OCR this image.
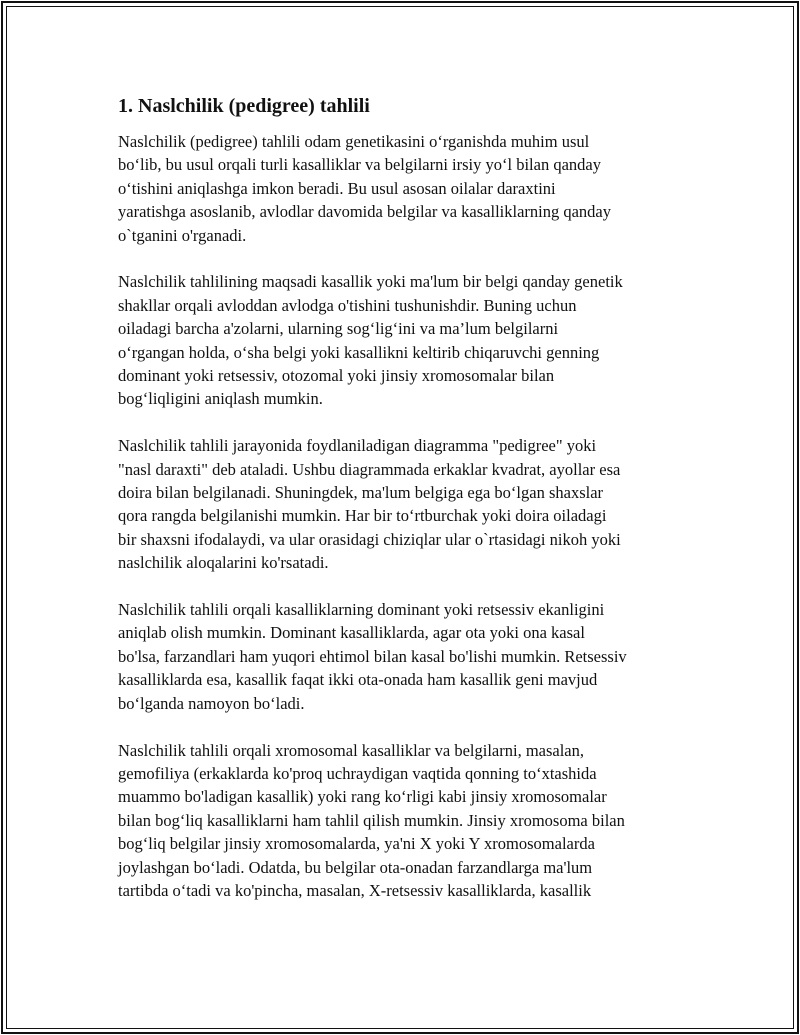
1. Naslchilik (pedigree) tahlili

Naslchilik (pedigree) tahlili odam genetikasini o‘rganishda muhim usul
bo‘lib, bu usul orqali turli kasalliklar va belgilarni irsiy yo‘l bilan qanday
o‘tishini aniqlashga imkon beradi. Bu usul asosan oilalar daraxtini
yaratishga asoslanib, avlodlar davomida belgilar va kasalliklarning qanday
o`tganini o'rganadi.

Naslchilik tahlilining maqsadi kasallik yoki ma'lum bir belgi qanday genetik
shakllar orqali avloddan avlodga o'tishini tushunishdir. Buning uchun
oiladagi barcha a'zolarni, ularning sog‘lig‘ini va ma’lum belgilarni
o‘rgangan holda, o‘sha belgi yoki kasallikni keltirib chiqaruvchi genning
dominant yoki retsessiv, otozomal yoki jinsiy xromosomalar bilan
bog‘liqligini aniqlash mumkin.

Naslchilik tahlili jarayonida foydlaniladigan diagramma "pedigree" yoki
"nasl daraxti" deb ataladi. Ushbu diagrammada erkaklar kvadrat, ayollar esa
doira bilan belgilanadi. Shuningdek, ma'lum belgiga ega bo‘lgan shaxslar
qora rangda belgilanishi mumkin. Har bir to‘rtburchak yoki doira oiladagi
bir shaxsni ifodalaydi, va ular orasidagi chiziqlar ular o`rtasidagi nikoh yoki
naslchilik aloqalarini ko'rsatadi.

Naslchilik tahlili orqali kasalliklarning dominant yoki retsessiv ekanligini
aniqlab olish mumkin. Dominant kasalliklarda, agar ota yoki ona kasal
bo'lsa, farzandlari ham yuqori ehtimol bilan kasal bo'lishi mumkin. Retsessiv
kasalliklarda esa, kasallik faqat ikki ota-onada ham kasallik geni mavjud
bo‘lganda namoyon bo‘ladi.

Naslchilik tahlili orqali xromosomal kasalliklar va belgilarni, masalan,
gemofiliya (erkaklarda ko'proq uchraydigan vaqtida qonning to‘xtashida
muammo bo'ladigan kasallik) yoki rang ko‘rligi kabi jinsiy xromosomalar
bilan bog‘liq kasalliklarni ham tahlil qilish mumkin. Jinsiy xromosoma bilan
bog‘liq belgilar jinsiy xromosomalarda, ya'ni X yoki Y xromosomalarda
joylashgan bo‘ladi. Odatda, bu belgilar ota-onadan farzandlarga ma'lum
tartibda o‘tadi va ko'pincha, masalan, X-retsessiv kasalliklarda, kasallik
